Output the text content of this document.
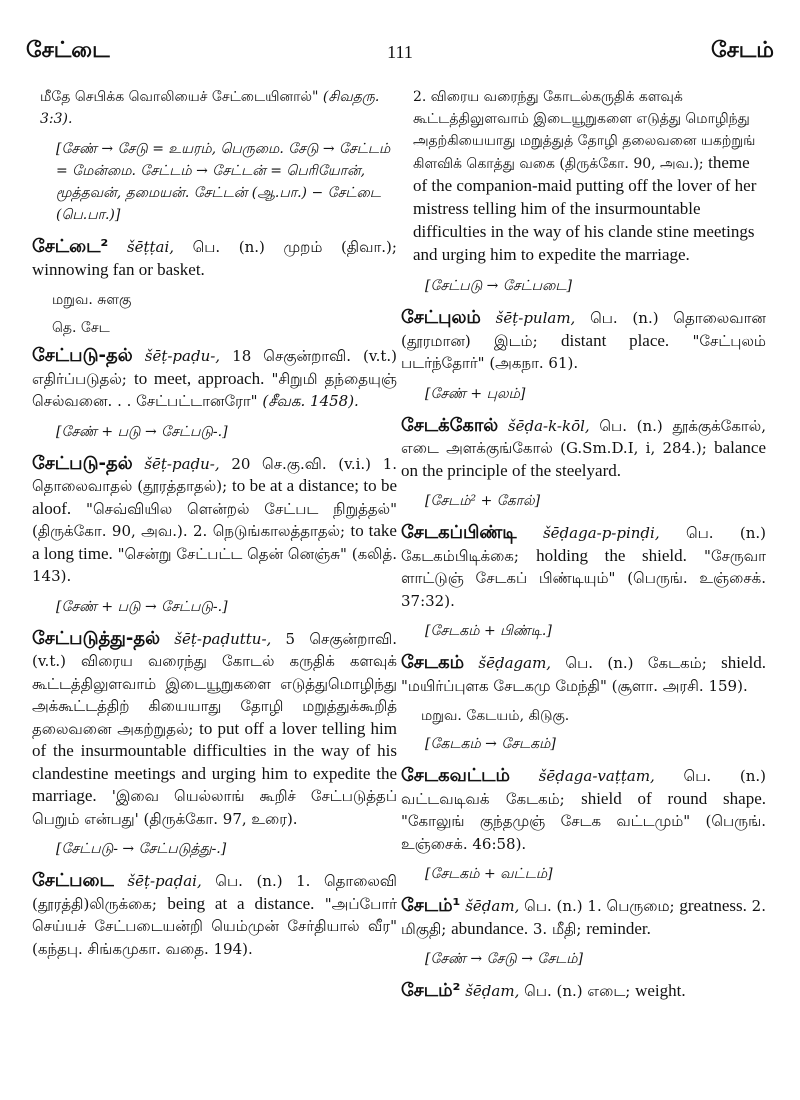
சேட்டை	111	சேடம்

மீதே செபிக்க வொலியைச் சேட்டையினால்" (சிவதரு. 3:3).

[சேண் → சேடு = உயரம், பெருமை. சேடு → சேட்டம் = மேன்மை. சேட்டம் → சேட்டன் = பெரியோன், மூத்தவன், தமையன். சேட்டன் (ஆ.பா.) − சேட்டை (பெ.பா.)]

சேட்டை² šēṭṭai, பெ. (n.) முறம் (திவா.); winnowing fan or basket.

மறுவ. சுளகு

தெ. சேட

சேட்படு-தல் šēṭ-paḍu-, 18 செகுன்றாவி. (v.t.) எதிர்ப்படுதல்; to meet, approach. "சிறுமி தந்தையுஞ் செல்வனை. . . சேட்பட்டானரோ" (சீவக. 1458).

[சேண் + படு → சேட்படு-.]

சேட்படு-தல் šēṭ-paḍu-, 20 செ.கு.வி. (v.i.) 1. தொலைவாதல் (தூரத்தாதல்); to be at a distance; to be aloof. "செவ்வியில ளென்றல் சேட்பட நிறுத்தல்" (திருக்கோ. 90, அவ.). 2. நெடுங்காலத்தாதல்; to take a long time. "சென்று சேட்பட்ட தென் னெஞ்சு" (கலித். 143).

[சேண் + படு → சேட்படு-.]

சேட்படுத்து-தல் šēṭ-paḍuttu-, 5 செகுன்றாவி. (v.t.) விரைய வரைந்து கோடல் கருதிக் களவுக் கூட்டத்திலுளவாம் இடையூறுகளை எடுத்துமொழிந்து அக்கூட்டத்திற் கியையாது தோழி மறுத்துக்கூறித் தலைவனை அகற்றுதல்; to put off a lover telling him of the insurmountable difficulties in the way of his clandestine meetings and urging him to expedite the marriage. 'இவை யெல்லாங் கூறிச் சேட்படுத்தப் பெறும் என்பது' (திருக்கோ. 97, உரை).

[சேட்படு- → சேட்படுத்து-.]

சேட்படை šēṭ-paḍai, பெ. (n.) 1. தொலைவி (தூரத்தி)லிருக்கை; being at a distance. "அப்போர் செய்யச் சேட்படையன்றி யெம்முன் சேர்தியால் வீர" (கந்தபு. சிங்கமுகா. வதை. 194).

2. விரைய வரைந்து கோடல்கருதிக் களவுக் கூட்டத்திலுளவாம் இடையூறுகளை எடுத்து மொழிந்து அதற்கியையாது மறுத்துத் தோழி தலைவனை யகற்றுங் கிளவிக் கொத்து வகை (திருக்கோ. 90, அவ.); theme of the companion-maid putting off the lover of her mistress telling him of the insurmountable difficulties in the way of his clande stine meetings and urging him to expedite the marriage.

[சேட்படு → சேட்படை]

சேட்புலம் šēṭ-pulam, பெ. (n.) தொலைவான (தூரமான) இடம்; distant place. "சேட்புலம் படர்ந்தோர்" (அகநா. 61).

[சேண் + புலம்]

சேடக்கோல் šēḍa-k-kōl, பெ. (n.) தூக்குக்கோல், எடை அளக்குங்கோல் (G.Sm.D.I, i, 284.); balance on the principle of the steelyard.

[சேடம்² + கோல்]

சேடகப்பிண்டி šēḍaga-p-pinḍi, பெ. (n.) கேடகம்பிடிக்கை; holding the shield. "சேருவா ளாட்டுஞ் சேடகப் பிண்டியும்" (பெருங். உஞ்சைக். 37:32).

[சேடகம் + பிண்டி.]

சேடகம் šēḍagam, பெ. (n.) கேடகம்; shield. "மயிர்ப்புளக சேடகமு மேந்தி" (சூளா. அரசி. 159).

மறுவ. கேடயம், கிடுகு.

[கேடகம் → சேடகம்]

சேடகவட்டம் šēḍaga-vaṭṭam, பெ. (n.) வட்டவடிவக் கேடகம்; shield of round shape. "கோலுங் குந்தமுஞ் சேடக வட்டமும்" (பெருங். உஞ்சைக். 46:58).

[சேடகம் + வட்டம்]

சேடம்¹ šēḍam, பெ. (n.) 1. பெருமை; greatness. 2. மிகுதி; abundance. 3. மீதி; reminder.

[சேண் → சேடு → சேடம்]

சேடம்² šēḍam, பெ. (n.) எடை; weight.
